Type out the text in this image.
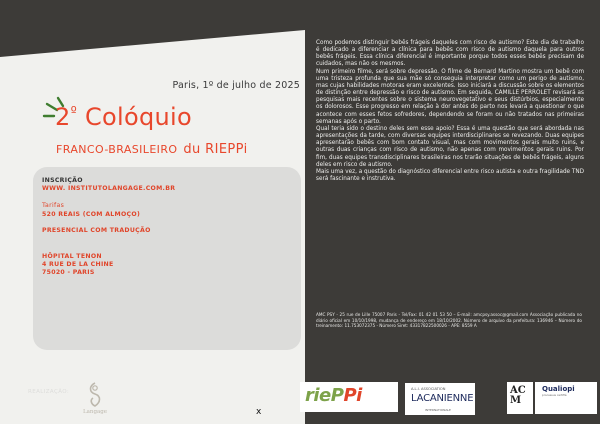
Paris, 1º de julho de 2025
$2^º$ Colóquio
FRANCO-BRASILEIRO du RIEPPi
INSCRIÇÃO
WWW. INSTITUTOLANGAGE.COM.BR
Tarifas
520 REAIS (COM ALMOÇO)
PRESENCIAL COM TRADUÇÃO
HÔPITAL TENON
4 RUE DE LA CHINE
75020 - PARIS

Como podemos distinguir bebês frágeis daqueles com risco de autismo? Este dia de trabalho é dedicado a diferenciar a clínica para bebês com risco de autismo daquela para outros bebês frágeis. Essa clínica diferencial é importante porque todos esses bebês precisam de cuidados, mas não os mesmos.

Num primeiro filme, será sobre depressão. O filme de Bernard Martino mostra um bebê com uma tristeza profunda que sua mãe só conseguia interpretar como um perigo de autismo, mas cujas habilidades motoras eram excelentes. Isso iniciará a discussão sobre os elementos de distinção entre depressão e risco de autismo. Em seguida, CAMILLE PERROLET revisará as pesquisas mais recentes sobre o sistema neurovegetativo e seus distúrbios, especialmente os dolorosos. Esse progresso em relação à dor antes do parto nos levará a questionar o que acontece com esses fetos sofredores, dependendo se foram ou não tratados nas primeiras semanas após o parto.

Qual teria sido o destino deles sem esse apoio? Essa é uma questão que será abordada nas apresentações da tarde, com diversas equipes interdisciplinares se revezando. Duas equipes apresentarão bebês com bom contato visual, mas com movimentos gerais muito ruins, e outras duas crianças com risco de autismo, não apenas com movimentos gerais ruins. Por fim, duas equipes transdisciplinares brasileiras nos trarão situações de bebês frágeis, alguns deles em risco de autismo.

Mais uma vez, a questão do diagnóstico diferencial entre risco autista e outra fragilidade TND será fascinante e instrutiva.

AMC PSY - 25 rue de Lille 75007 Paris - Tel/Fax: 01 42 01 53 50 – E-mail: amcpsy.assoc@gmail.com Associação publicada no diário oficial em 10/10/1998, mudança de endereço em 18/10/2002. Número de arquivo da prefeitura: 136946 – Número do treinamento: 11.753072375 - Número Siret: 43317822500026 - APE: 8559 A
REALIZAÇÃO:
Langage
riePPi	A.L.I. ASSOCIATION
LACANIENNE
INTERNATIONALE
AC
M
Qualiopi
processus certifié
x
